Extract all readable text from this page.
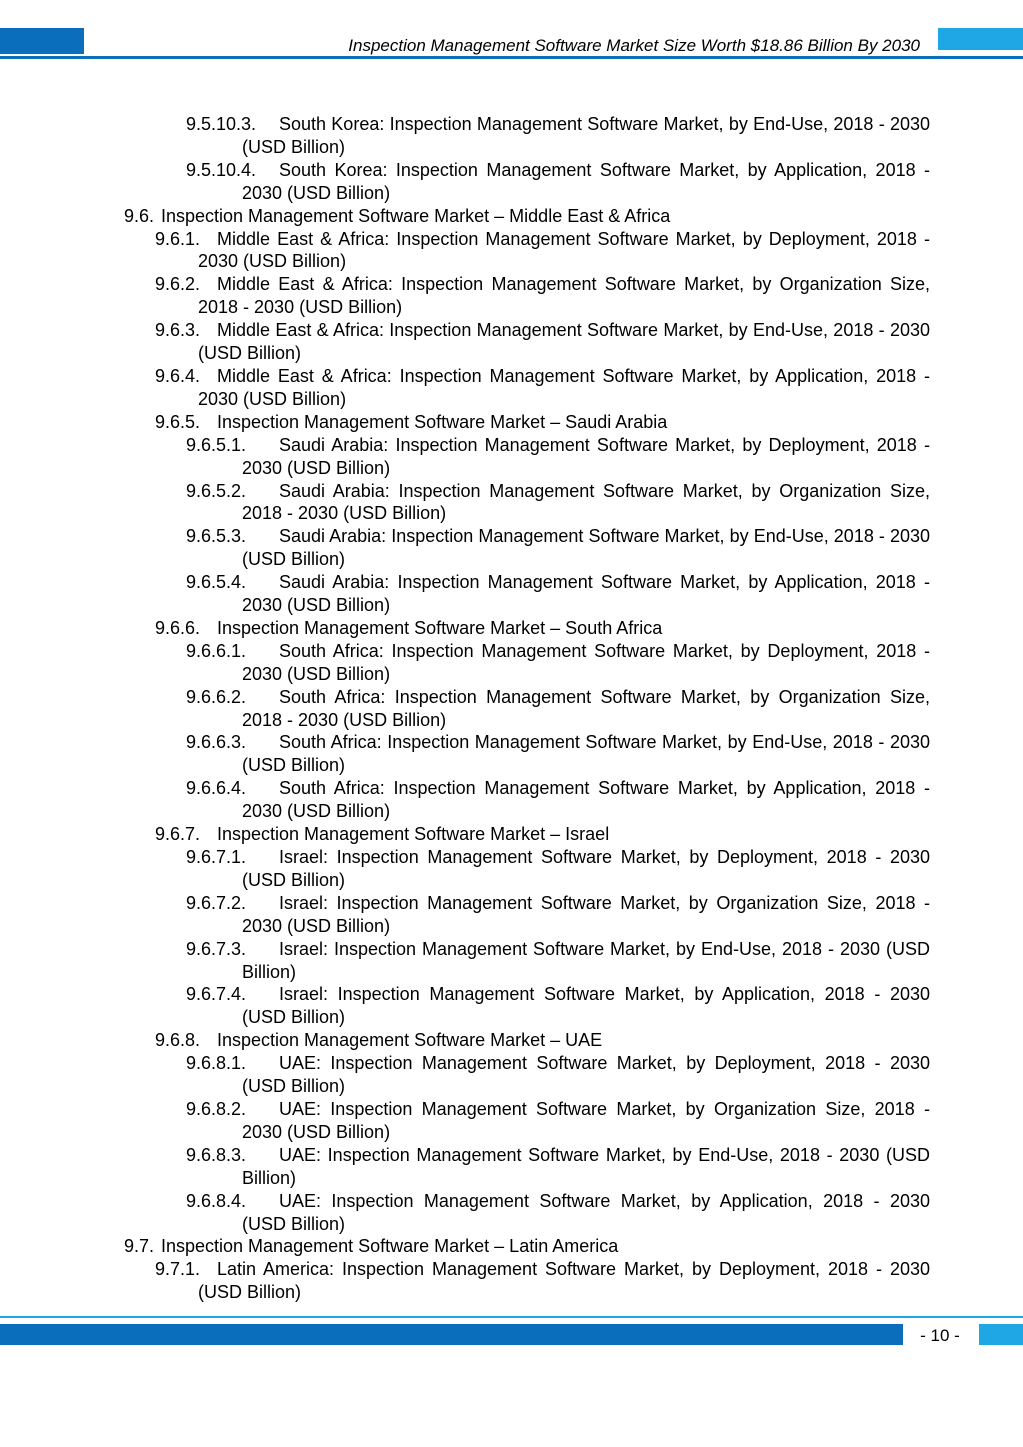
Inspection Management Software Market Size Worth $18.86 Billion By 2030
9.5.10.3.	South Korea: Inspection Management Software Market, by End-Use, 2018 - 2030 (USD Billion)
9.5.10.4.	South Korea: Inspection Management Software Market, by Application, 2018 - 2030 (USD Billion)
9.6. Inspection Management Software Market – Middle East & Africa
9.6.1. Middle East & Africa: Inspection Management Software Market, by Deployment, 2018 - 2030 (USD Billion)
9.6.2. Middle East & Africa: Inspection Management Software Market, by Organization Size, 2018 - 2030 (USD Billion)
9.6.3. Middle East & Africa: Inspection Management Software Market, by End-Use, 2018 - 2030 (USD Billion)
9.6.4. Middle East & Africa: Inspection Management Software Market, by Application, 2018 - 2030 (USD Billion)
9.6.5. Inspection Management Software Market – Saudi Arabia
9.6.5.1.	Saudi Arabia: Inspection Management Software Market, by Deployment, 2018 - 2030 (USD Billion)
9.6.5.2.	Saudi Arabia: Inspection Management Software Market, by Organization Size, 2018 - 2030 (USD Billion)
9.6.5.3.	Saudi Arabia: Inspection Management Software Market, by End-Use, 2018 - 2030 (USD Billion)
9.6.5.4.	Saudi Arabia: Inspection Management Software Market, by Application, 2018 - 2030 (USD Billion)
9.6.6. Inspection Management Software Market – South Africa
9.6.6.1.	South Africa: Inspection Management Software Market, by Deployment, 2018 - 2030 (USD Billion)
9.6.6.2.	South Africa: Inspection Management Software Market, by Organization Size, 2018 - 2030 (USD Billion)
9.6.6.3.	South Africa: Inspection Management Software Market, by End-Use, 2018 - 2030 (USD Billion)
9.6.6.4.	South Africa: Inspection Management Software Market, by Application, 2018 - 2030 (USD Billion)
9.6.7. Inspection Management Software Market – Israel
9.6.7.1.	Israel: Inspection Management Software Market, by Deployment, 2018 - 2030 (USD Billion)
9.6.7.2.	Israel: Inspection Management Software Market, by Organization Size, 2018 - 2030 (USD Billion)
9.6.7.3.	Israel: Inspection Management Software Market, by End-Use, 2018 - 2030 (USD Billion)
9.6.7.4.	Israel: Inspection Management Software Market, by Application, 2018 - 2030 (USD Billion)
9.6.8. Inspection Management Software Market – UAE
9.6.8.1.	UAE: Inspection Management Software Market, by Deployment, 2018 - 2030 (USD Billion)
9.6.8.2.	UAE: Inspection Management Software Market, by Organization Size, 2018 - 2030 (USD Billion)
9.6.8.3.	UAE: Inspection Management Software Market, by End-Use, 2018 - 2030 (USD Billion)
9.6.8.4.	UAE: Inspection Management Software Market, by Application, 2018 - 2030 (USD Billion)
9.7. Inspection Management Software Market – Latin America
9.7.1. Latin America: Inspection Management Software Market, by Deployment, 2018 - 2030 (USD Billion)
- 10 -
